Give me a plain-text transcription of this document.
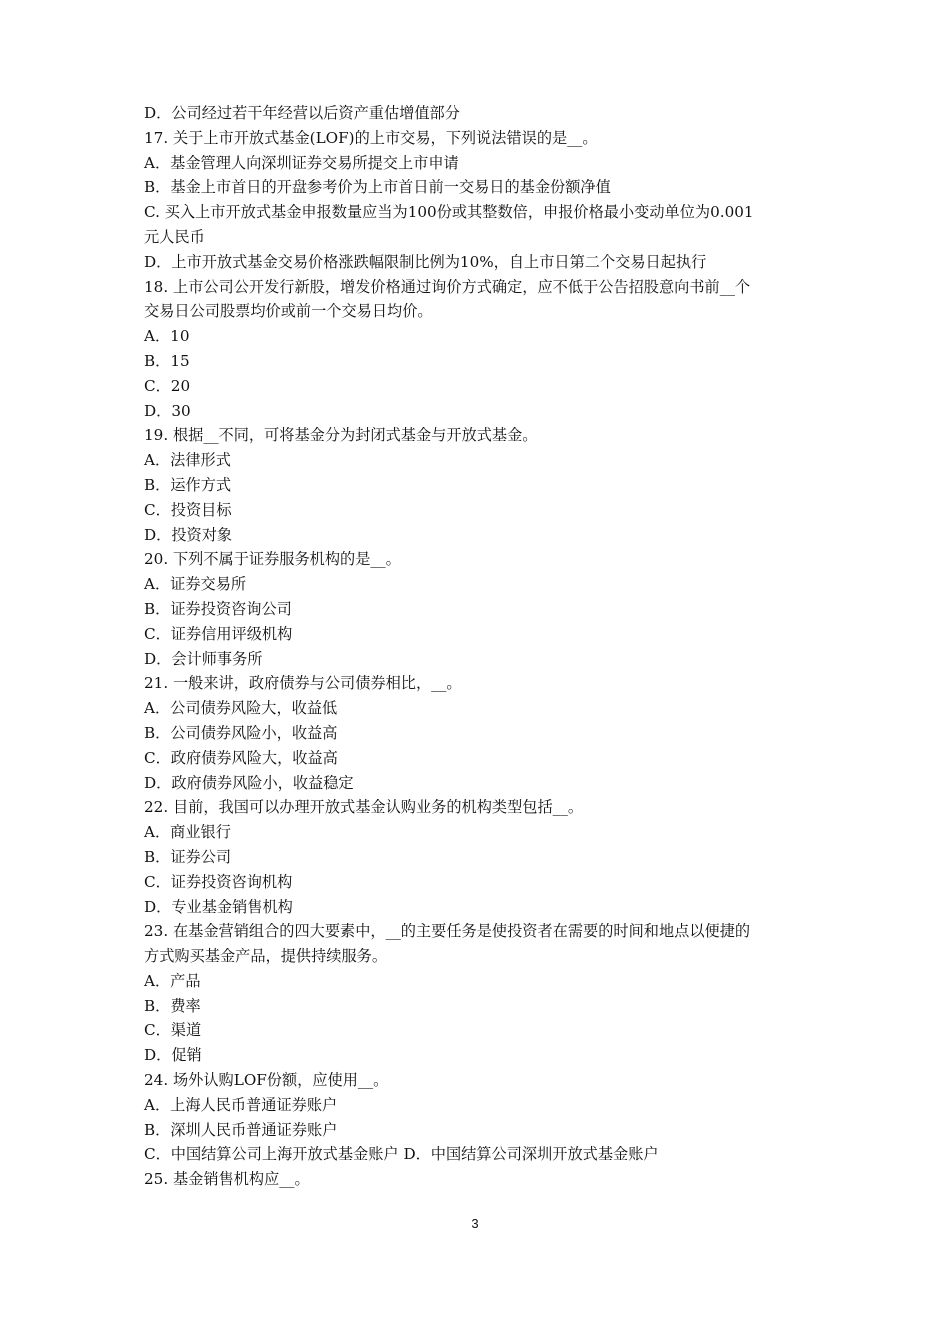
D．公司经过若干年经营以后资产重估增值部分

17. 关于上市开放式基金(LOF)的上市交易，下列说法错误的是__。

A．基金管理人向深圳证券交易所提交上市申请

B．基金上市首日的开盘参考价为上市首日前一交易日的基金份额净值

C. 买入上市开放式基金申报数量应当为100份或其整数倍，申报价格最小变动单位为0.001

元人民币

D．上市开放式基金交易价格涨跌幅限制比例为10%，自上市日第二个交易日起执行

18. 上市公司公开发行新股，增发价格通过询价方式确定，应不低于公告招股意向书前__个

交易日公司股票均价或前一个交易日均价。

A．10

B．15

C．20

D．30

19. 根据__不同，可将基金分为封闭式基金与开放式基金。

A．法律形式

B．运作方式

C．投资目标

D．投资对象

20. 下列不属于证券服务机构的是__。

A．证券交易所

B．证券投资咨询公司

C．证券信用评级机构

D．会计师事务所

21. 一般来讲，政府债券与公司债券相比，__。

A．公司债券风险大，收益低

B．公司债券风险小，收益高

C．政府债券风险大，收益高

D．政府债券风险小，收益稳定

22. 目前，我国可以办理开放式基金认购业务的机构类型包括__。

A．商业银行

B．证券公司

C．证券投资咨询机构

D．专业基金销售机构

23. 在基金营销组合的四大要素中，__的主要任务是使投资者在需要的时间和地点以便捷的

方式购买基金产品，提供持续服务。

A．产品

B．费率

C．渠道

D．促销

24. 场外认购LOF份额，应使用__。

A．上海人民币普通证券账户

B．深圳人民币普通证券账户

C．中国结算公司上海开放式基金账户 D．中国结算公司深圳开放式基金账户

25. 基金销售机构应__。

3
